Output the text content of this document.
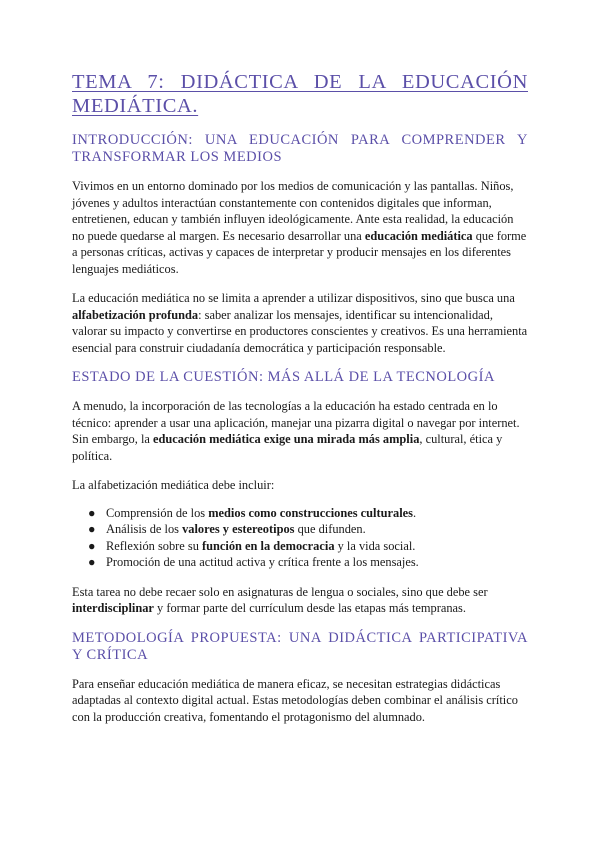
TEMA 7: DIDÁCTICA DE LA EDUCACIÓN MEDIÁTICA.
INTRODUCCIÓN: UNA EDUCACIÓN PARA COMPRENDER Y TRANSFORMAR LOS MEDIOS

Vivimos en un entorno dominado por los medios de comunicación y las pantallas. Niños, jóvenes y adultos interactúan constantemente con contenidos digitales que informan, entretienen, educan y también influyen ideológicamente. Ante esta realidad, la educación no puede quedarse al margen. Es necesario desarrollar una educación mediática que forme a personas críticas, activas y capaces de interpretar y producir mensajes en los diferentes lenguajes mediáticos.

La educación mediática no se limita a aprender a utilizar dispositivos, sino que busca una alfabetización profunda: saber analizar los mensajes, identificar su intencionalidad, valorar su impacto y convertirse en productores conscientes y creativos. Es una herramienta esencial para construir ciudadanía democrática y participación responsable.

ESTADO DE LA CUESTIÓN: MÁS ALLÁ DE LA TECNOLOGÍA

A menudo, la incorporación de las tecnologías a la educación ha estado centrada en lo técnico: aprender a usar una aplicación, manejar una pizarra digital o navegar por internet. Sin embargo, la educación mediática exige una mirada más amplia, cultural, ética y política.

La alfabetización mediática debe incluir:

● Comprensión de los medios como construcciones culturales.
● Análisis de los valores y estereotipos que difunden.
● Reflexión sobre su función en la democracia y la vida social.
● Promoción de una actitud activa y crítica frente a los mensajes.

Esta tarea no debe recaer solo en asignaturas de lengua o sociales, sino que debe ser interdisciplinar y formar parte del currículum desde las etapas más tempranas.

METODOLOGÍA PROPUESTA: UNA DIDÁCTICA PARTICIPATIVA Y CRÍTICA

Para enseñar educación mediática de manera eficaz, se necesitan estrategias didácticas adaptadas al contexto digital actual. Estas metodologías deben combinar el análisis crítico con la producción creativa, fomentando el protagonismo del alumnado.
